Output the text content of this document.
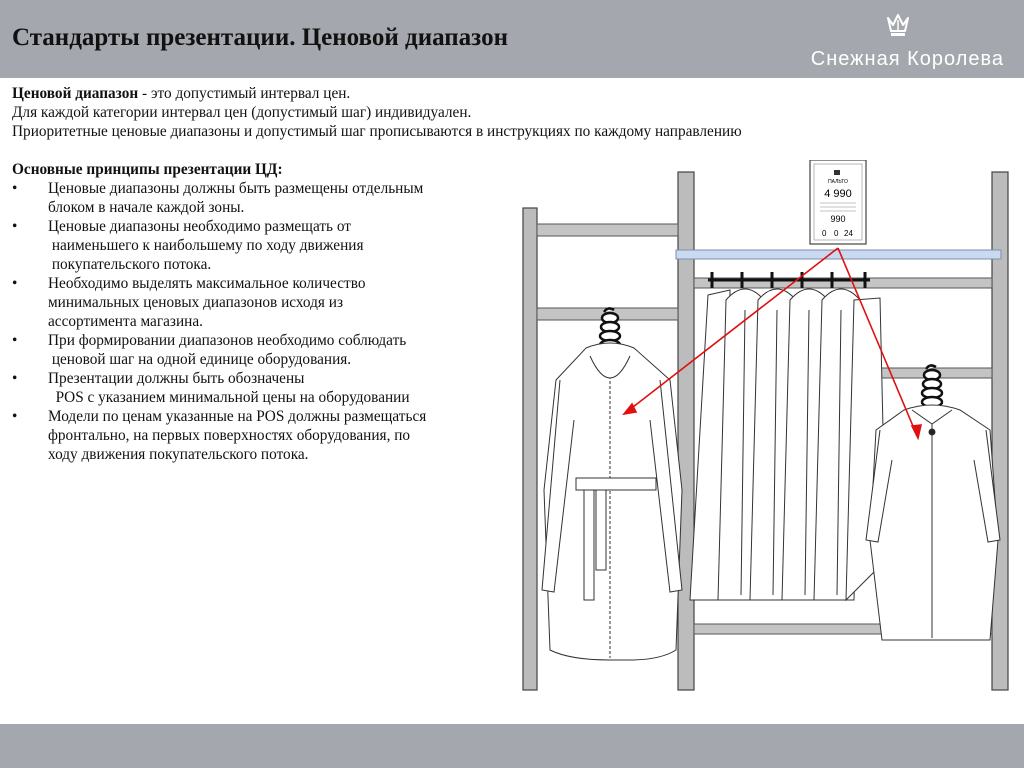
Стандарты презентации. Ценовой диапазон
Снежная Королева

Ценовой диапазон - это допустимый интервал цен.

Для каждой категории интервал цен (допустимый шаг) индивидуален.

Приоритетные ценовые диапазоны и допустимый шаг прописываются в инструкциях по каждому направлению

Основные принципы презентации ЦД:

• Ценовые диапазоны должны быть размещены отдельным
блоком в начале каждой зоны.
• Ценовые диапазоны необходимо размещать от
наименьшего к наибольшему по ходу движения
покупательского потока.
• Необходимо выделять максимальное количество
минимальных ценовых диапазонов исходя из
ассортимента магазина.
• При формировании диапазонов необходимо соблюдать
ценовой шаг на одной единице оборудования.
• Презентации должны быть обозначены
POS с указанием минимальной цены на оборудовании
• Модели по ценам указанные на POS должны размещаться
фронтально, на первых поверхностях оборудования, по
ходу движения покупательского потока.
ПАЛЬТО
4 990
990
0 0 24
